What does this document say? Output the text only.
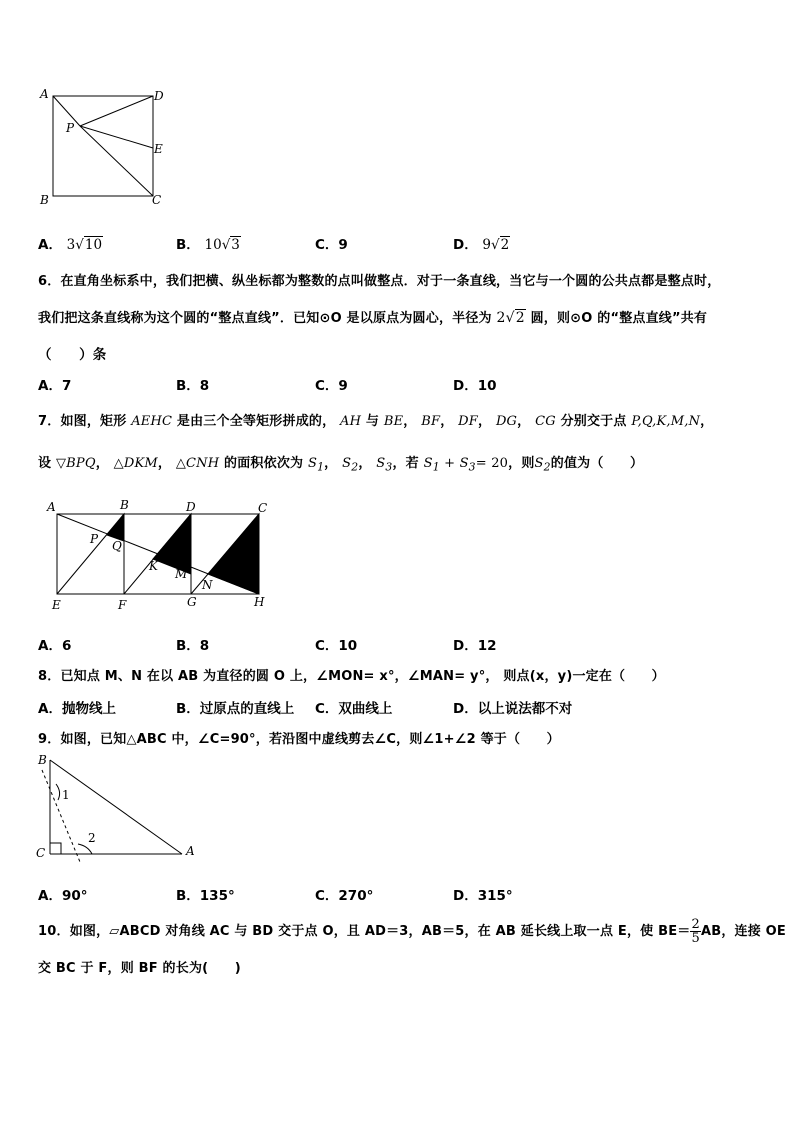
A	D
P
E
B	C
A． 3√10	B． 10√3	C．9	D． 9√2
6．在直角坐标系中，我们把横、纵坐标都为整数的点叫做整点．对于一条直线，当它与一个圆的公共点都是整点时，
我们把这条直线称为这个圆的“整点直线”．已知⊙O 是以原点为圆心，半径为 2√2 圆，则⊙O 的“整点直线”共有
（　　）条
A．7	B．8	C．9	D．10
7．如图，矩形 AEHC 是由三个全等矩形拼成的， AH 与 BE， BF， DF， DG， CG 分别交于点 P,Q,K,M,N，
设 ▽BPQ， △DKM， △CNH 的面积依次为 $S_1$， $S_2$， $S_3$，若 $S_1 + S_3= 20$，则$S_2$的值为（　　）
A	B	D	C
P Q
K
M
N
E	F	G	H
A．6	B．8	C．10	D．12
8．已知点 M、N 在以 AB 为直径的圆 O 上，∠MON= x°，∠MAN= y°， 则点(x，y)一定在（　　）
A．抛物线上	B．过原点的直线上 C．双曲线上	D．以上说法都不对
9．如图，已知△ABC 中，∠C=90°，若沿图中虚线剪去∠C，则∠1+∠2 等于（　　）
B
C	A
1
2
A．90°	B．135°	C．270°	D．315°
10．如图，▱ABCD 对角线 AC 与 BD 交于点 O，且 AD＝3，AB＝5，在 AB 延长线上取一点 E，使 $BE= \frac{2}{5}$ AB，连接 OE
交 BC 于 F，则 BF 的长为(　　)
